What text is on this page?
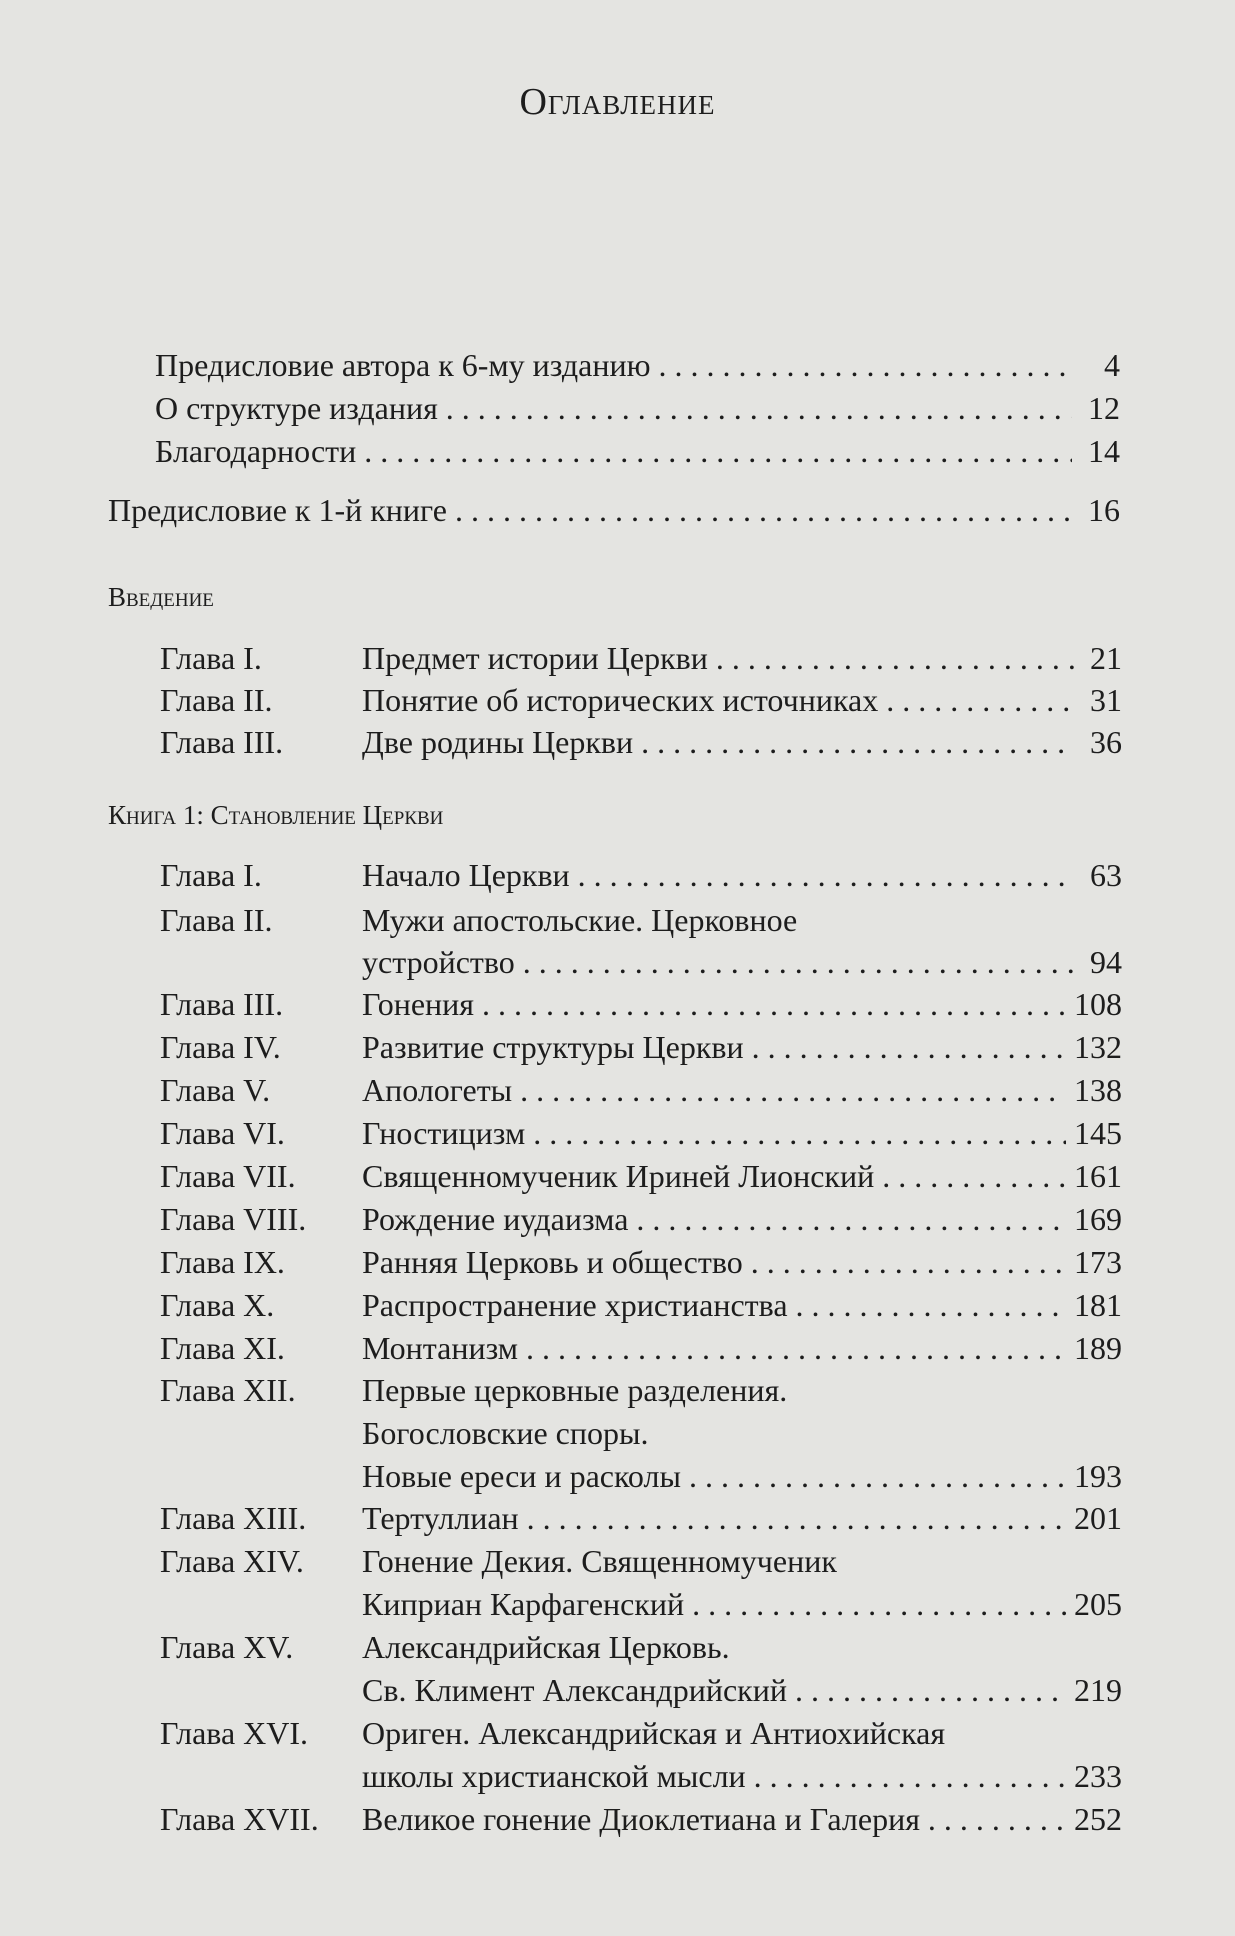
Оглавление
Предисловие автора к 6-му изданию . . .	4
О структуре издания . . .	12
Благодарности . . .	14
Предисловие к 1-й книге . . .	16
Введение
Глава I.	Предмет истории Церкви . . .	21
Глава II.	Понятие об исторических источниках . . .	31
Глава III. Две родины Церкви . . .	36
Книга 1: Становление Церкви
Глава I.	Начало Церкви . . .	63
Глава II.	Мужи апостольские. Церковное
устройство . . .	94
Глава III. Гонения . . .	108
Глава IV.	Развитие структуры Церкви . . .	132
Глава V.	Апологеты . . .	138
Глава VI. Гностицизм . . .	145
Глава VII. Священномученик Ириней Лионский . . .	161
Глава VIII. Рождение иудаизма . . .	169
Глава IX. Ранняя Церковь и общество . . .	173
Глава X.	Распространение христианства . . .	181
Глава XI. Монтанизм . . .	189
Глава XII. Первые церковные разделения.
Богословские споры.
Новые ереси и расколы . . .	193
Глава XIII. Тертуллиан . . .	201
Глава XIV. Гонение Декия. Священномученик
Киприан Карфагенский . . .	205
Глава XV. Александрийская Церковь.
Св. Климент Александрийский . . .	219
Глава XVI. Ориген. Александрийская и Антиохийская
школы христианской мысли . . .	233
Глава XVII. Великое гонение Диоклетиана и Галерия . . .	252
